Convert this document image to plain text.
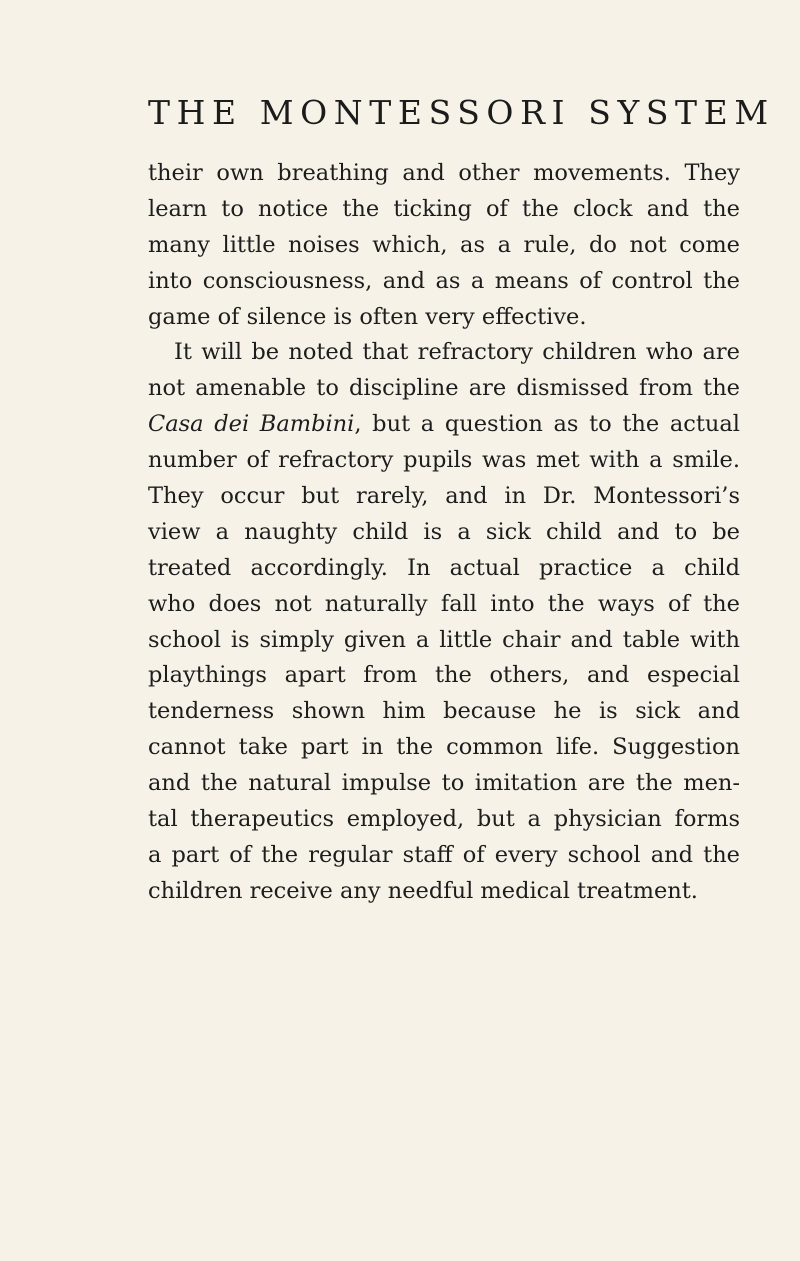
THE MONTESSORI SYSTEM
their own breathing and other movements. They
learn to notice the ticking of the clock and the
many little noises which, as a rule, do not come
into consciousness, and as a means of control the
game of silence is often very effective.
It will be noted that refractory children who are
not amenable to discipline are dismissed from the
Casa dei Bambini, but a question as to the actual
number of refractory pupils was met with a smile.
They occur but rarely, and in Dr. Montessori’s
view a naughty child is a sick child and to be
treated accordingly. In actual practice a child
who does not naturally fall into the ways of the
school is simply given a little chair and table with
playthings apart from the others, and especial
tenderness shown him because he is sick and
cannot take part in the common life. Suggestion
and the natural impulse to imitation are the men-
tal therapeutics employed, but a physician forms
a part of the regular staff of every school and the
children receive any needful medical treatment.
